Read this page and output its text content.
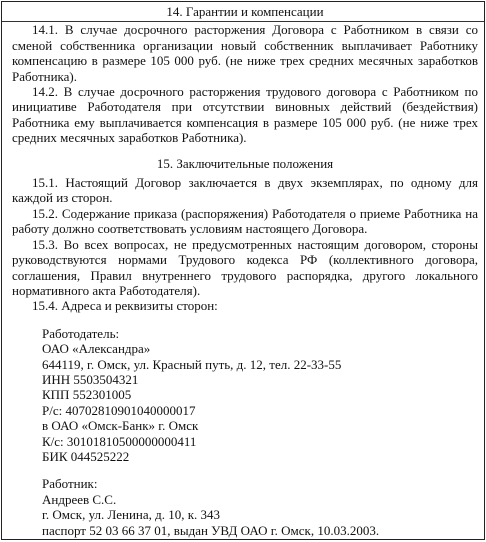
14. Гарантии и компенсации

14.1. В случае досрочного расторжения Договора с Работником в связи со сменой собственника организации новый собственник выплачивает Работнику компенсацию в размере 105 000 руб. (не ниже трех средних месячных заработков Работника).

14.2. В случае досрочного расторжения трудового договора с Работником по инициативе Работодателя при отсутствии виновных действий (бездействия) Работника ему выплачивается компенсация в размере 105 000 руб. (не ниже трех средних месячных заработков Работника).

15. Заключительные положения

15.1. Настоящий Договор заключается в двух экземплярах, по одному для каждой из сторон.

15.2. Содержание приказа (распоряжения) Работодателя о приеме Работника на работу должно соответствовать условиям настоящего Договора.

15.3. Во всех вопросах, не предусмотренных настоящим договором, стороны руководствуются нормами Трудового кодекса РФ (коллективного договора, соглашения, Правил внутреннего трудового распорядка, другого локального нормативного акта Работодателя).

15.4. Адреса и реквизиты сторон:

Работодатель:

ОАО «Александра»

644119, г. Омск, ул. Красный путь, д. 12, тел. 22-33-55

ИНН 5503504321

КПП 552301005

Р/с: 40702810901040000017

в ОАО «Омск-Банк» г. Омск

К/с: 30101810500000000411

БИК 044525222

Работник:

Андреев С.С.

г. Омск, ул. Ленина, д. 10, к. 343

паспорт 52 03 66 37 01, выдан УВД ОАО г. Омск, 10.03.2003.
